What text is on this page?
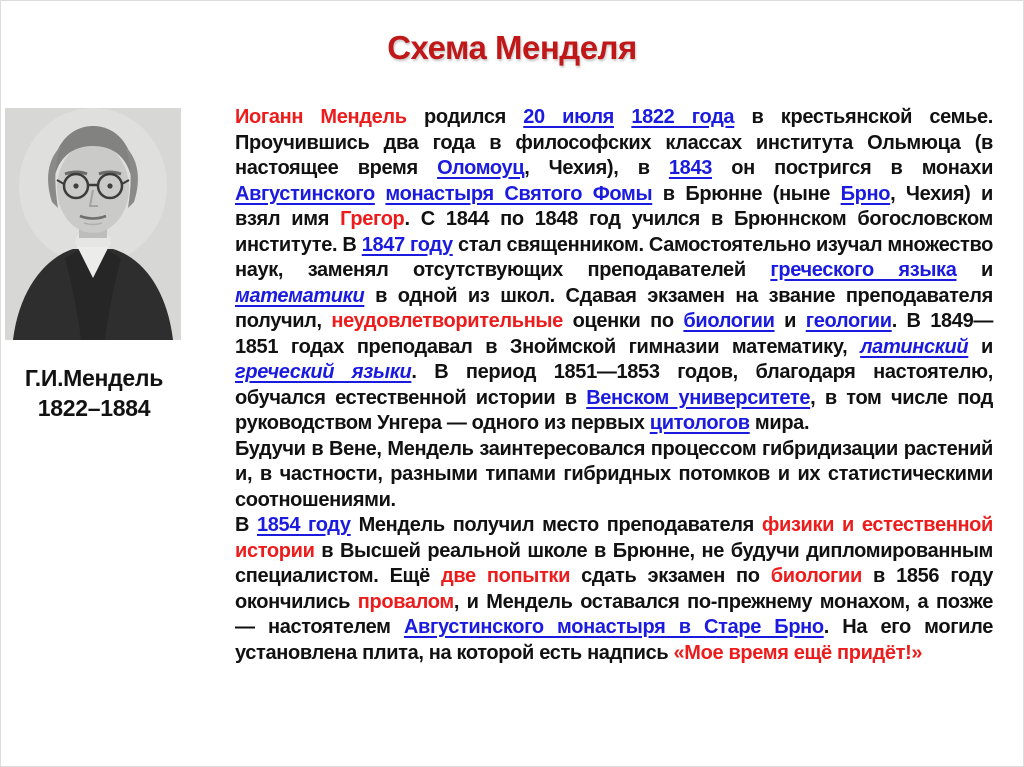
Схема Менделя
Г.И.Мендель
1822–1884

Иоганн Мендель родился 20 июля 1822 года в крестьянской семье. Проучившись два года в философских классах института Ольмюца (в настоящее время Оломоуц, Чехия), в 1843 он постригся в монахи Августинского монастыря Святого Фомы в Брюнне (ныне Брно, Чехия) и взял имя Грегор. С 1844 по 1848 год учился в Брюннском богословском институте. В 1847 году стал священником. Самостоятельно изучал множество наук, заменял отсутствующих преподавателей греческого языка и математики в одной из школ. Сдавая экзамен на звание преподавателя получил, неудовлетворительные оценки по биологии и геологии. В 1849—1851 годах преподавал в Зноймской гимназии математику, латинский и греческий языки. В период 1851—1853 годов, благодаря настоятелю, обучался естественной истории в Венском университете, в том числе под руководством Унгера — одного из первых цитологов мира.

Будучи в Вене, Мендель заинтересовался процессом гибридизации растений и, в частности, разными типами гибридных потомков и их статистическими соотношениями.

В 1854 году Мендель получил место преподавателя физики и естественной истории в Высшей реальной школе в Брюнне, не будучи дипломированным специалистом. Ещё две попытки сдать экзамен по биологии в 1856 году окончились провалом, и Мендель оставался по-прежнему монахом, а позже — настоятелем Августинского монастыря в Старе Брно. На его могиле установлена плита, на которой есть надпись «Мое время ещё придёт!»
